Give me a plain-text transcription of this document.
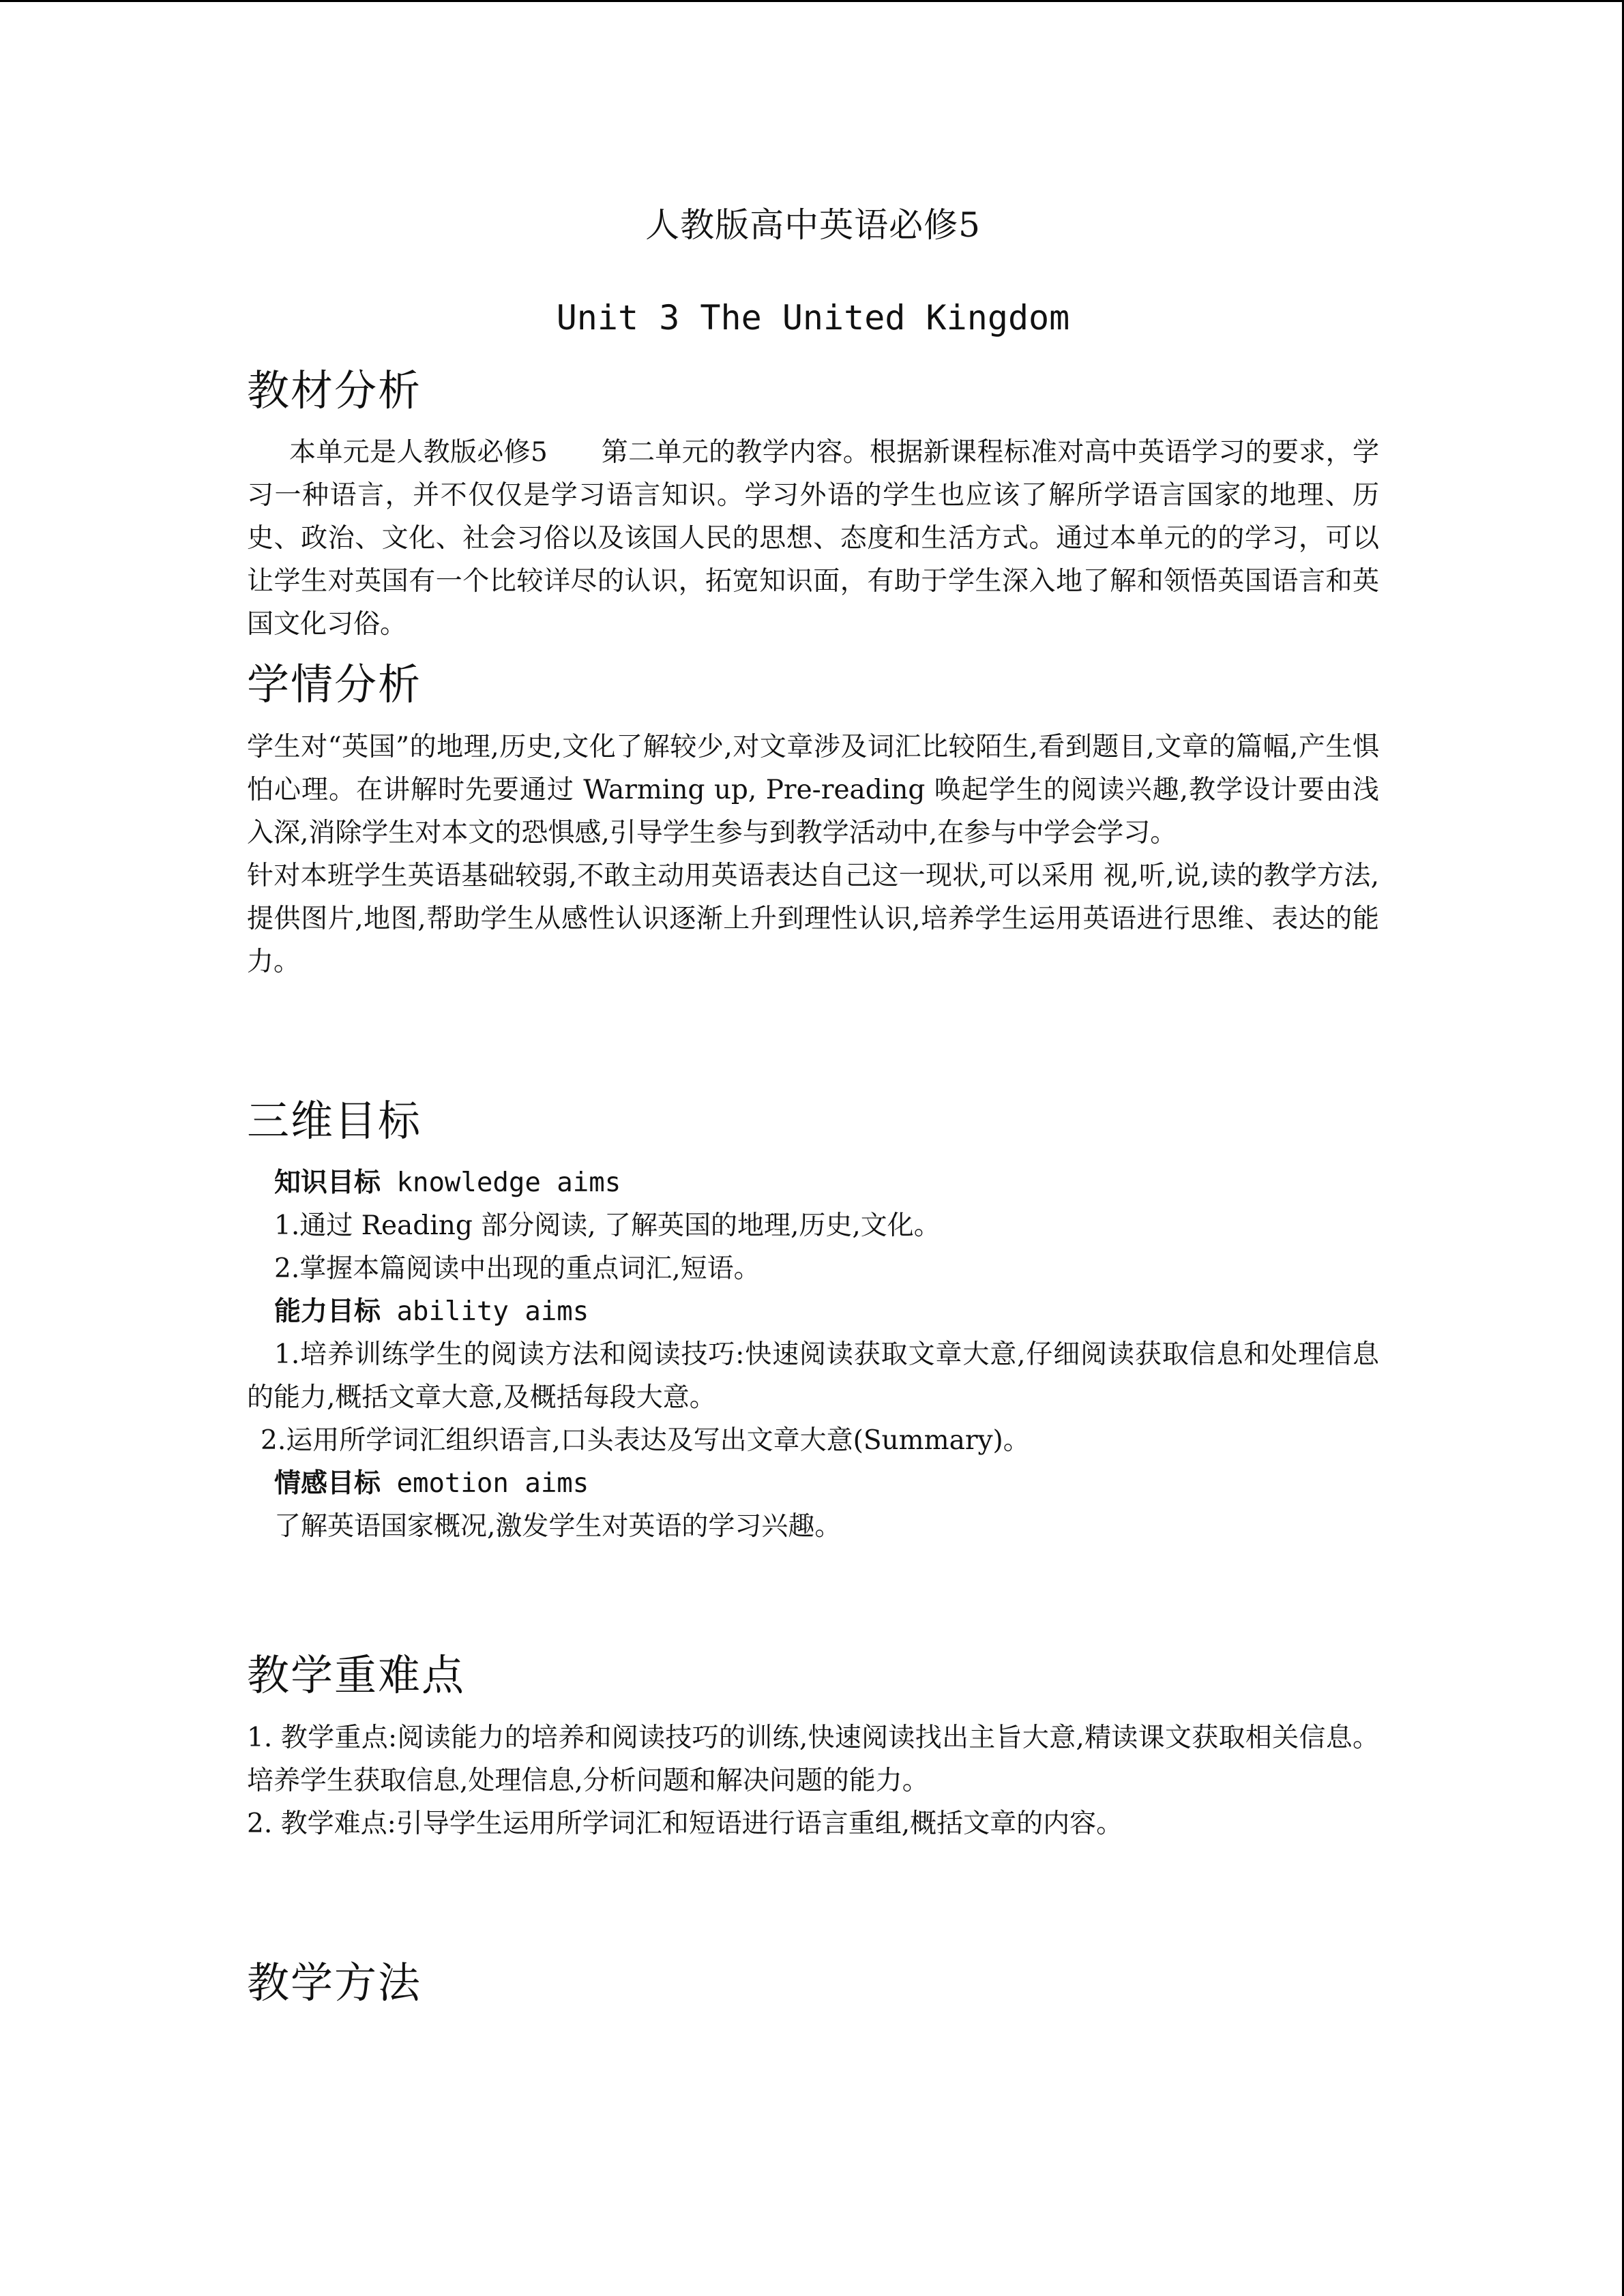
人教版高中英语必修5
Unit 3 The United Kingdom
教材分析

本单元是人教版必修5　　第二单元的教学内容。根据新课程标准对高中英语学习的要求，学习一种语言，并不仅仅是学习语言知识。学习外语的学生也应该了解所学语言国家的地理、历史、政治、文化、社会习俗以及该国人民的思想、态度和生活方式。通过本单元的的学习，可以让学生对英国有一个比较详尽的认识，拓宽知识面，有助于学生深入地了解和领悟英国语言和英国文化习俗。

学情分析

学生对“英国”的地理,历史,文化了解较少,对文章涉及词汇比较陌生,看到题目,文章的篇幅,产生惧怕心理。在讲解时先要通过 Warming up, Pre-reading 唤起学生的阅读兴趣,教学设计要由浅入深,消除学生对本文的恐惧感,引导学生参与到教学活动中,在参与中学会学习。

针对本班学生英语基础较弱,不敢主动用英语表达自己这一现状,可以采用 视,听,说,读的教学方法,提供图片,地图,帮助学生从感性认识逐渐上升到理性认识,培养学生运用英语进行思维、表达的能力。

三维目标

知识目标 knowledge aims

1.通过 Reading 部分阅读, 了解英国的地理,历史,文化。

2.掌握本篇阅读中出现的重点词汇,短语。

能力目标 ability aims

1.培养训练学生的阅读方法和阅读技巧:快速阅读获取文章大意,仔细阅读获取信息和处理信息的能力,概括文章大意,及概括每段大意。

2.运用所学词汇组织语言,口头表达及写出文章大意(Summary)。

情感目标 emotion aims

了解英语国家概况,激发学生对英语的学习兴趣。

教学重难点

1. 教学重点:阅读能力的培养和阅读技巧的训练,快速阅读找出主旨大意,精读课文获取相关信息。培养学生获取信息,处理信息,分析问题和解决问题的能力。

2. 教学难点:引导学生运用所学词汇和短语进行语言重组,概括文章的内容。

教学方法
